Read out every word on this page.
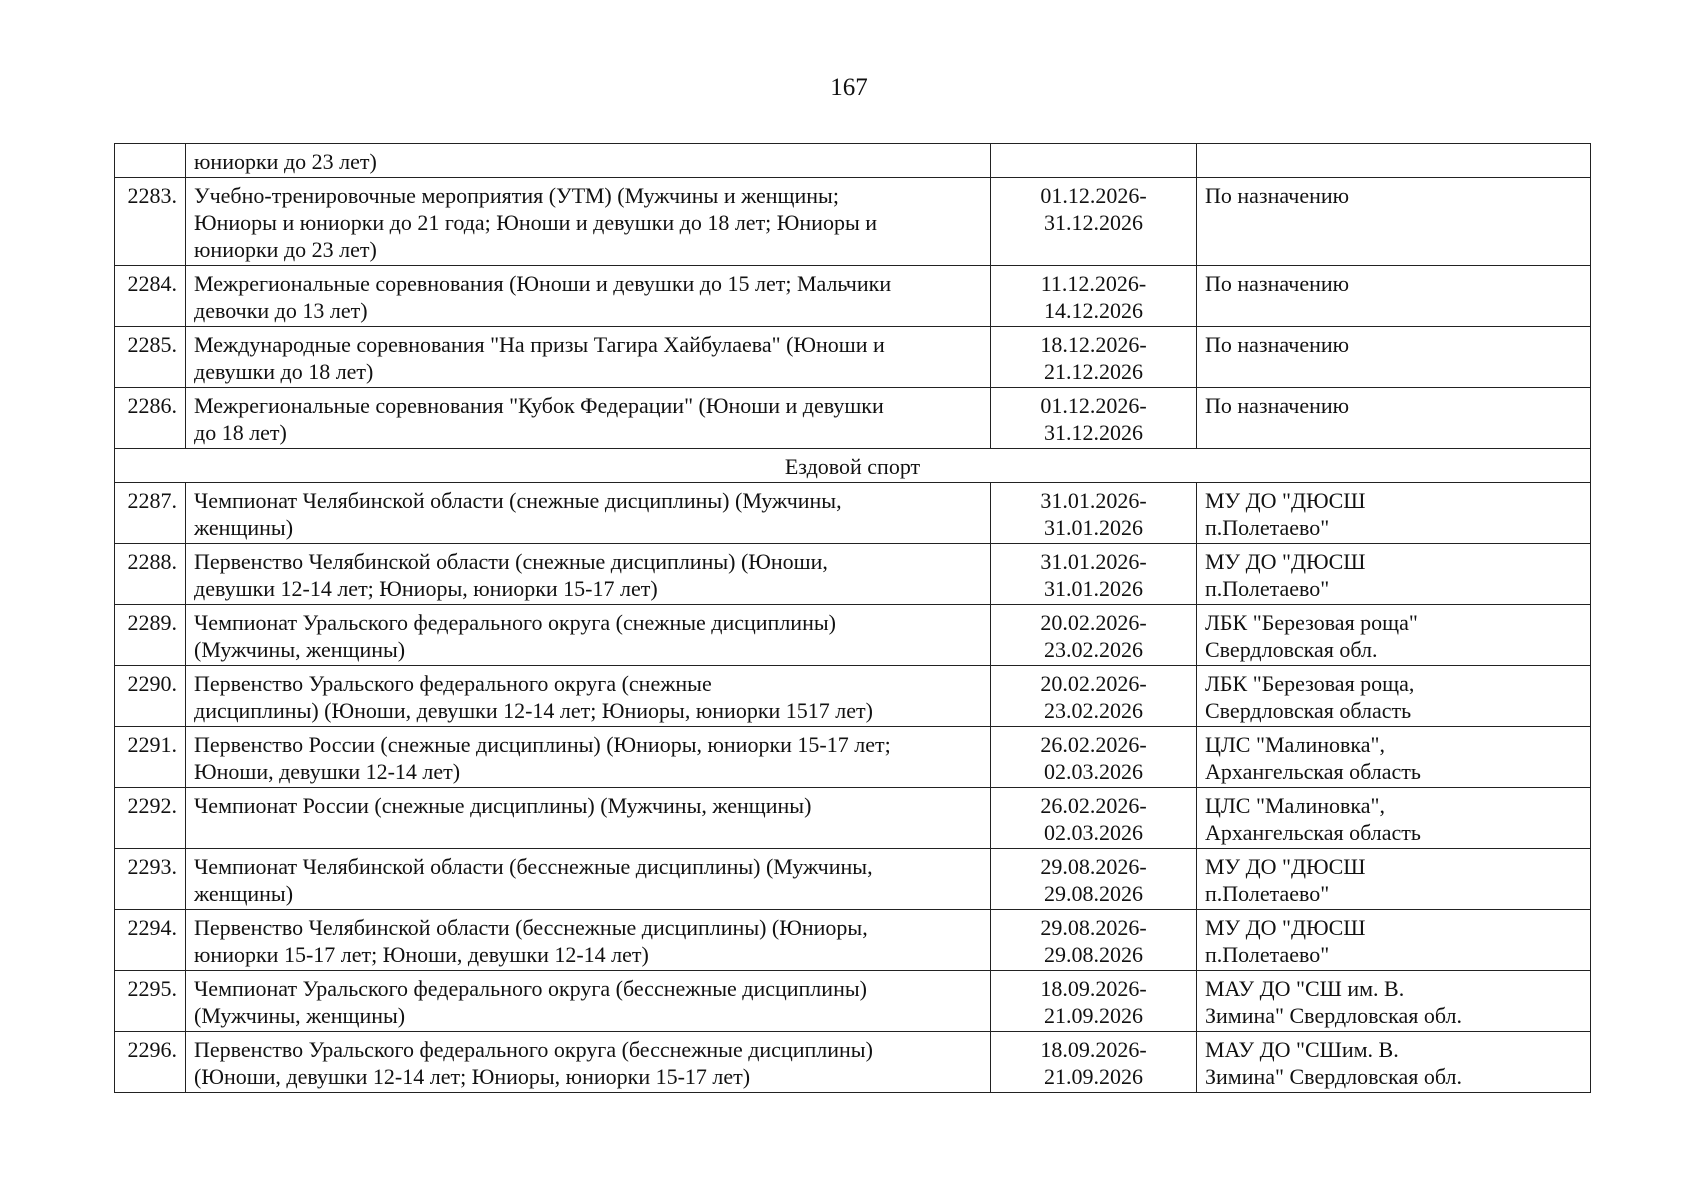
167

	юниорки до 23 лет)		

2283.	Учебно-тренировочные мероприятия (УТМ) (Мужчины и женщины;
Юниоры и юниорки до 21 года; Юноши и девушки до 18 лет; Юниоры и
юниорки до 23 лет)	01.12.2026-
31.12.2026	По назначению

2284.	Межрегиональные соревнования (Юноши и девушки до 15 лет; Мальчики
девочки до 13 лет)	11.12.2026-
14.12.2026	По назначению

2285.	Международные соревнования "На призы Тагира Хайбулаева" (Юноши и
девушки до 18 лет)	18.12.2026-
21.12.2026	По назначению

2286.	Межрегиональные соревнования "Кубок Федерации" (Юноши и девушки
до 18 лет)	01.12.2026-
31.12.2026	По назначению

Ездовой спорт			
2287.	Чемпионат Челябинской области (снежные дисциплины) (Мужчины,
женщины)	31.01.2026-
31.01.2026	МУ ДО "ДЮСШ
п.Полетаево"

2288.	Первенство Челябинской области (снежные дисциплины) (Юноши,
девушки 12-14 лет; Юниоры, юниорки 15-17 лет)	31.01.2026-
31.01.2026	МУ ДО "ДЮСШ
п.Полетаево"

2289.	Чемпионат Уральского федерального округа (снежные дисциплины)
(Мужчины, женщины)	20.02.2026-
23.02.2026	ЛБК "Березовая роща"
Свердловская обл.

2290.	Первенство Уральского федерального округа (снежные
дисциплины) (Юноши, девушки 12-14 лет; Юниоры, юниорки 1517 лет)	20.02.2026-
23.02.2026	ЛБК "Березовая роща,
Свердловская область

2291.	Первенство России (снежные дисциплины) (Юниоры, юниорки 15-17 лет;
Юноши, девушки 12-14 лет)	26.02.2026-
02.03.2026	ЦЛС "Малиновка",
Архангельская область

2292.	Чемпионат России (снежные дисциплины) (Мужчины, женщины)	26.02.2026-
02.03.2026	ЦЛС "Малиновка",
Архангельская область

2293.	Чемпионат Челябинской области (бесснежные дисциплины) (Мужчины,
женщины)	29.08.2026-
29.08.2026	МУ ДО "ДЮСШ
п.Полетаево"

2294.	Первенство Челябинской области (бесснежные дисциплины) (Юниоры,
юниорки 15-17 лет; Юноши, девушки 12-14 лет)	29.08.2026-
29.08.2026	МУ ДО "ДЮСШ
п.Полетаево"

2295.	Чемпионат Уральского федерального округа (бесснежные дисциплины)
(Мужчины, женщины)	18.09.2026-
21.09.2026	МАУ ДО "СШ им. В.
Зимина" Свердловская обл.

2296.	Первенство Уральского федерального округа (бесснежные дисциплины)
(Юноши, девушки 12-14 лет; Юниоры, юниорки 15-17 лет)	18.09.2026-
21.09.2026	МАУ ДО "СШим. В.
Зимина" Свердловская обл.
